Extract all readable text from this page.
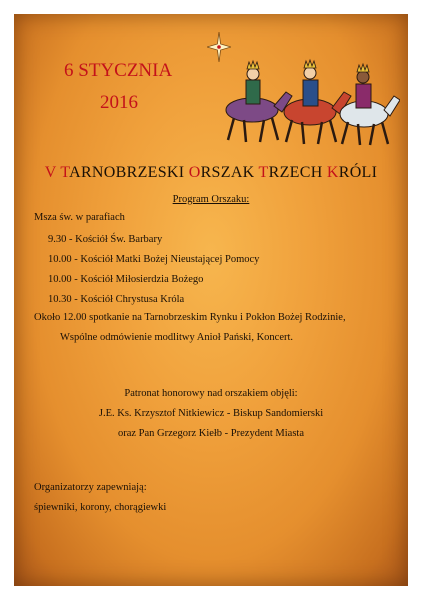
6 STYCZNIA
2016
V TARNOBRZESKI ORSZAK TRZECH KRÓLI
Program Orszaku:
Msza św. w parafiach
9.30 - Kościół Św. Barbary
10.00 - Kościół Matki Bożej Nieustającej Pomocy
10.00 - Kościół Miłosierdzia Bożego
10.30 - Kościół Chrystusa Króla
Około 12.00 spotkanie na Tarnobrzeskim Rynku i Pokłon Bożej Rodzinie,
Wspólne odmówienie modlitwy Anioł Pański, Koncert.
Patronat honorowy nad orszakiem objęli:
J.E. Ks. Krzysztof Nitkiewicz - Biskup Sandomierski
oraz Pan Grzegorz Kiełb - Prezydent Miasta
Organizatorzy zapewniają:
śpiewniki, korony, chorągiewki
